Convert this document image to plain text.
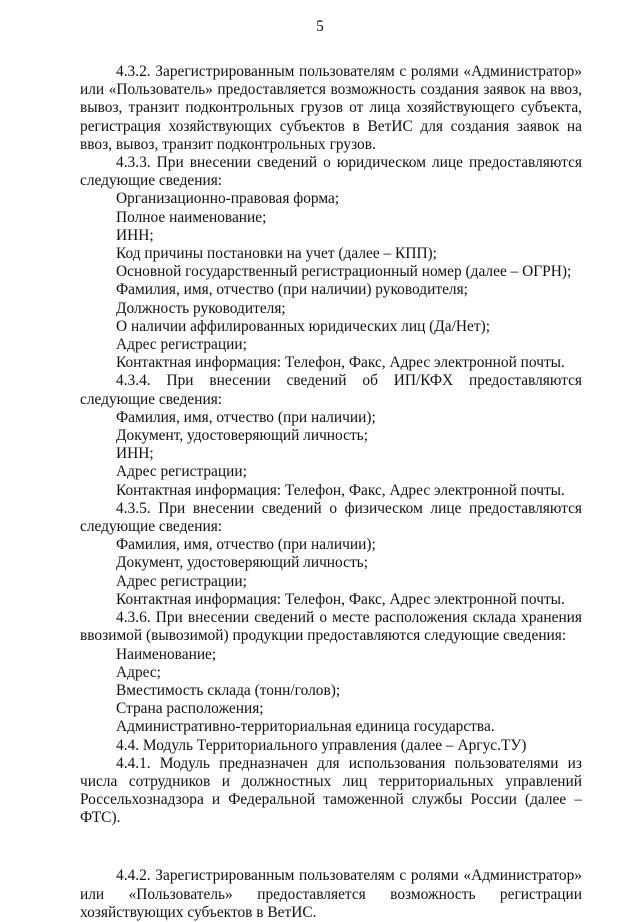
5

4.3.2. Зарегистрированным пользователям с ролями «Администратор» или «Пользователь» предоставляется возможность создания заявок на ввоз, вывоз, транзит подконтрольных грузов от лица хозяйствующего субъекта, регистрация хозяйствующих субъектов в ВетИС для создания заявок на ввоз, вывоз, транзит подконтрольных грузов.

4.3.3. При внесении сведений о юридическом лице предоставляются следующие сведения:

Организационно-правовая форма;

Полное наименование;

ИНН;

Код причины постановки на учет (далее – КПП);

Основной государственный регистрационный номер (далее – ОГРН);

Фамилия, имя, отчество (при наличии) руководителя;

Должность руководителя;

О наличии аффилированных юридических лиц (Да/Нет);

Адрес регистрации;

Контактная информация: Телефон, Факс, Адрес электронной почты.

4.3.4. При внесении сведений об ИП/КФХ предоставляются следующие сведения:

Фамилия, имя, отчество (при наличии);

Документ, удостоверяющий личность;

ИНН;

Адрес регистрации;

Контактная информация: Телефон, Факс, Адрес электронной почты.

4.3.5. При внесении сведений о физическом лице предоставляются следующие сведения:

Фамилия, имя, отчество (при наличии);

Документ, удостоверяющий личность;

Адрес регистрации;

Контактная информация: Телефон, Факс, Адрес электронной почты.

4.3.6. При внесении сведений о месте расположения склада хранения ввозимой (вывозимой) продукции предоставляются следующие сведения:

Наименование;

Адрес;

Вместимость склада (тонн/голов);

Страна расположения;

Административно-территориальная единица государства.

4.4. Модуль Территориального управления (далее – Аргус.ТУ)

4.4.1. Модуль предназначен для использования пользователями из числа сотрудников и должностных лиц территориальных управлений Россельхознадзора и Федеральной таможенной службы России (далее – ФТС).

4.4.2. Зарегистрированным пользователям с ролями «Администратор» или «Пользователь» предоставляется возможность регистрации хозяйствующих субъектов в ВетИС.
